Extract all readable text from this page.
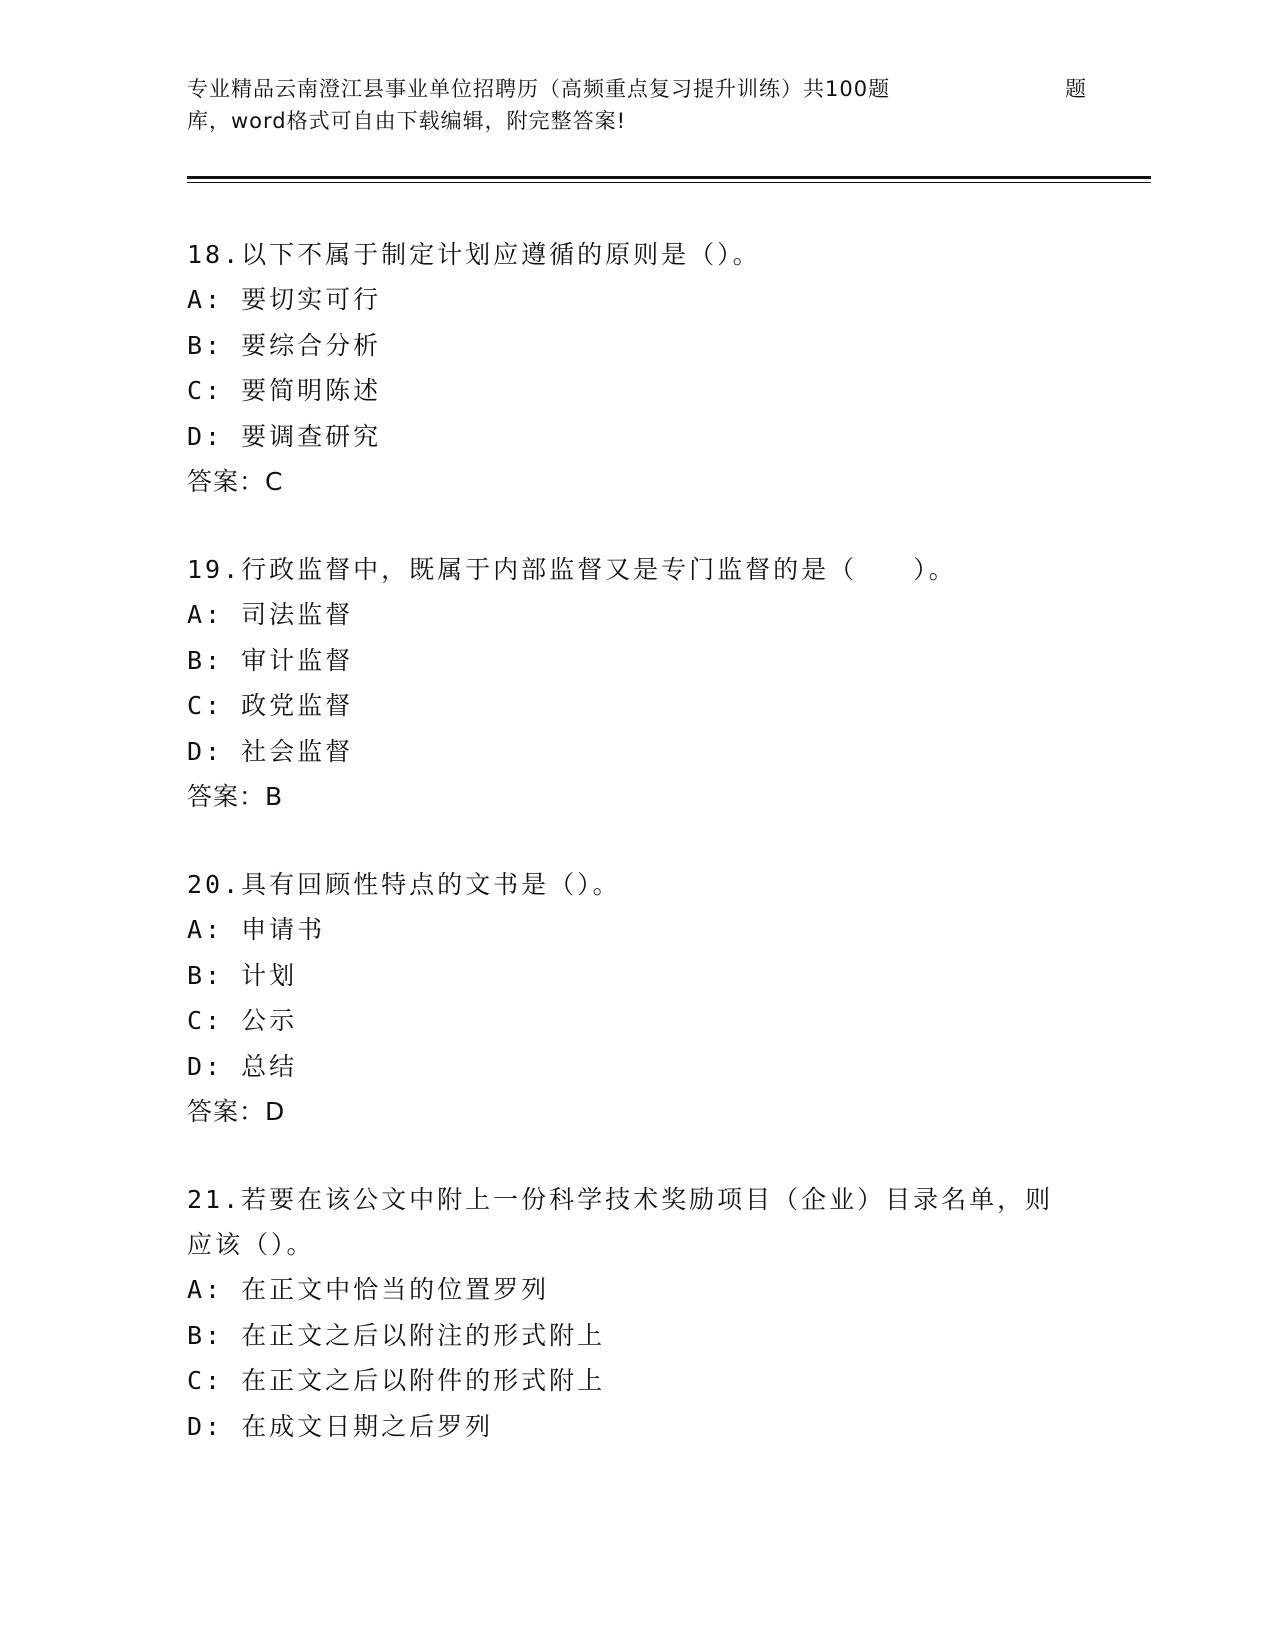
专业精品云南澄江县事业单位招聘历（高频重点复习提升训练）共100题	题
库，word格式可自由下载编辑，附完整答案!

18.以下不属于制定计划应遵循的原则是（）。

A: 要切实可行
B: 要综合分析
C: 要简明陈述
D: 要调查研究
答案：C

19.行政监督中，既属于内部监督又是专门监督的是（　　）。

A: 司法监督
B: 审计监督
C: 政党监督
D: 社会监督
答案：B

20.具有回顾性特点的文书是（）。

A: 申请书
B: 计划
C: 公示
D: 总结
答案：D

21.若要在该公文中附上一份科学技术奖励项目（企业）目录名单，则应该（）。

A: 在正文中恰当的位置罗列
B: 在正文之后以附注的形式附上
C: 在正文之后以附件的形式附上
D: 在成文日期之后罗列
